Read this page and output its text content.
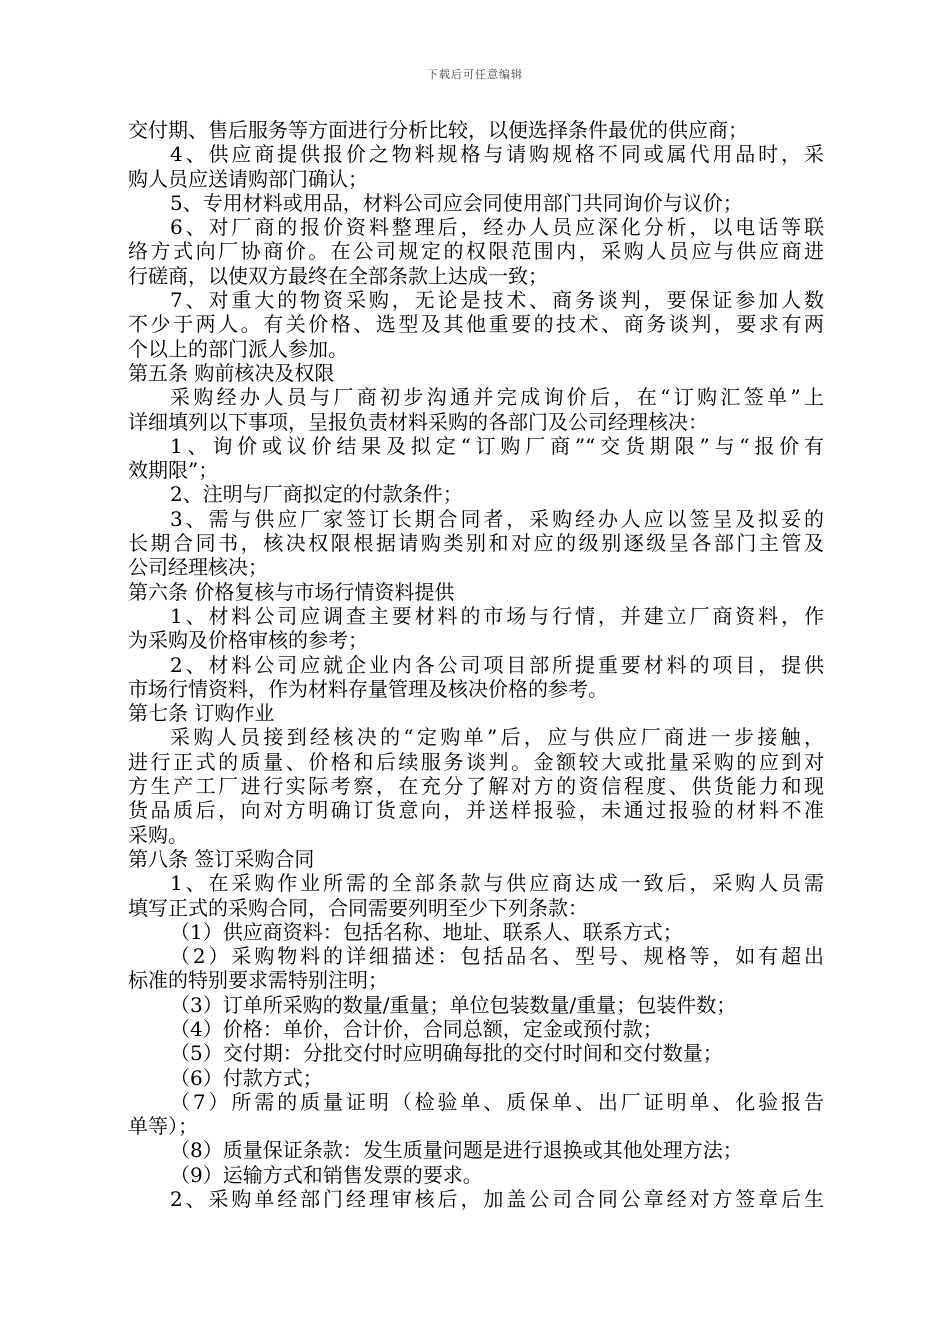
下载后可任意编辑
交付期、售后服务等方面进行分析比较，以便选择条件最优的供应商；
4、供应商提供报价之物料规格与请购规格不同或属代用品时，采
购人员应送请购部门确认；
5、专用材料或用品，材料公司应会同使用部门共同询价与议价；
6、对厂商的报价资料整理后，经办人员应深化分析，以电话等联
络方式向厂协商价。在公司规定的权限范围内，采购人员应与供应商进
行磋商，以使双方最终在全部条款上达成一致；
7、对重大的物资采购，无论是技术、商务谈判，要保证参加人数
不少于两人。有关价格、选型及其他重要的技术、商务谈判，要求有两
个以上的部门派人参加。
第五条 购前核决及权限
采购经办人员与厂商初步沟通并完成询价后，在“订购汇签单”上
详细填列以下事项，呈报负责材料采购的各部门及公司经理核决：
1、询价或议价结果及拟定“订购厂商”“交货期限”与“报价有
效期限”；
2、注明与厂商拟定的付款条件；
3、需与供应厂家签订长期合同者，采购经办人应以签呈及拟妥的
长期合同书，核决权限根据请购类别和对应的级别逐级呈各部门主管及
公司经理核决；
第六条 价格复核与市场行情资料提供
1、材料公司应调查主要材料的市场与行情，并建立厂商资料，作
为采购及价格审核的参考；
2、材料公司应就企业内各公司项目部所提重要材料的项目，提供
市场行情资料，作为材料存量管理及核决价格的参考。
第七条 订购作业
采购人员接到经核决的“定购单”后，应与供应厂商进一步接触，
进行正式的质量、价格和后续服务谈判。金额较大或批量采购的应到对
方生产工厂进行实际考察，在充分了解对方的资信程度、供货能力和现
货品质后，向对方明确订货意向，并送样报验，未通过报验的材料不准
采购。
第八条 签订采购合同
1、在采购作业所需的全部条款与供应商达成一致后，采购人员需
填写正式的采购合同，合同需要列明至少下列条款：
（1）供应商资料：包括名称、地址、联系人、联系方式；
（2）采购物料的详细描述：包括品名、型号、规格等，如有超出
标准的特别要求需特别注明；
（3）订单所采购的数量/重量；单位包装数量/重量；包装件数；
（4）价格：单价，合计价，合同总额，定金或预付款；
（5）交付期：分批交付时应明确每批的交付时间和交付数量；
（6）付款方式；
（7）所需的质量证明（检验单、质保单、出厂证明单、化验报告
单等）；
（8）质量保证条款：发生质量问题是进行退换或其他处理方法；
（9）运输方式和销售发票的要求。
2、采购单经部门经理审核后，加盖公司合同公章经对方签章后生
